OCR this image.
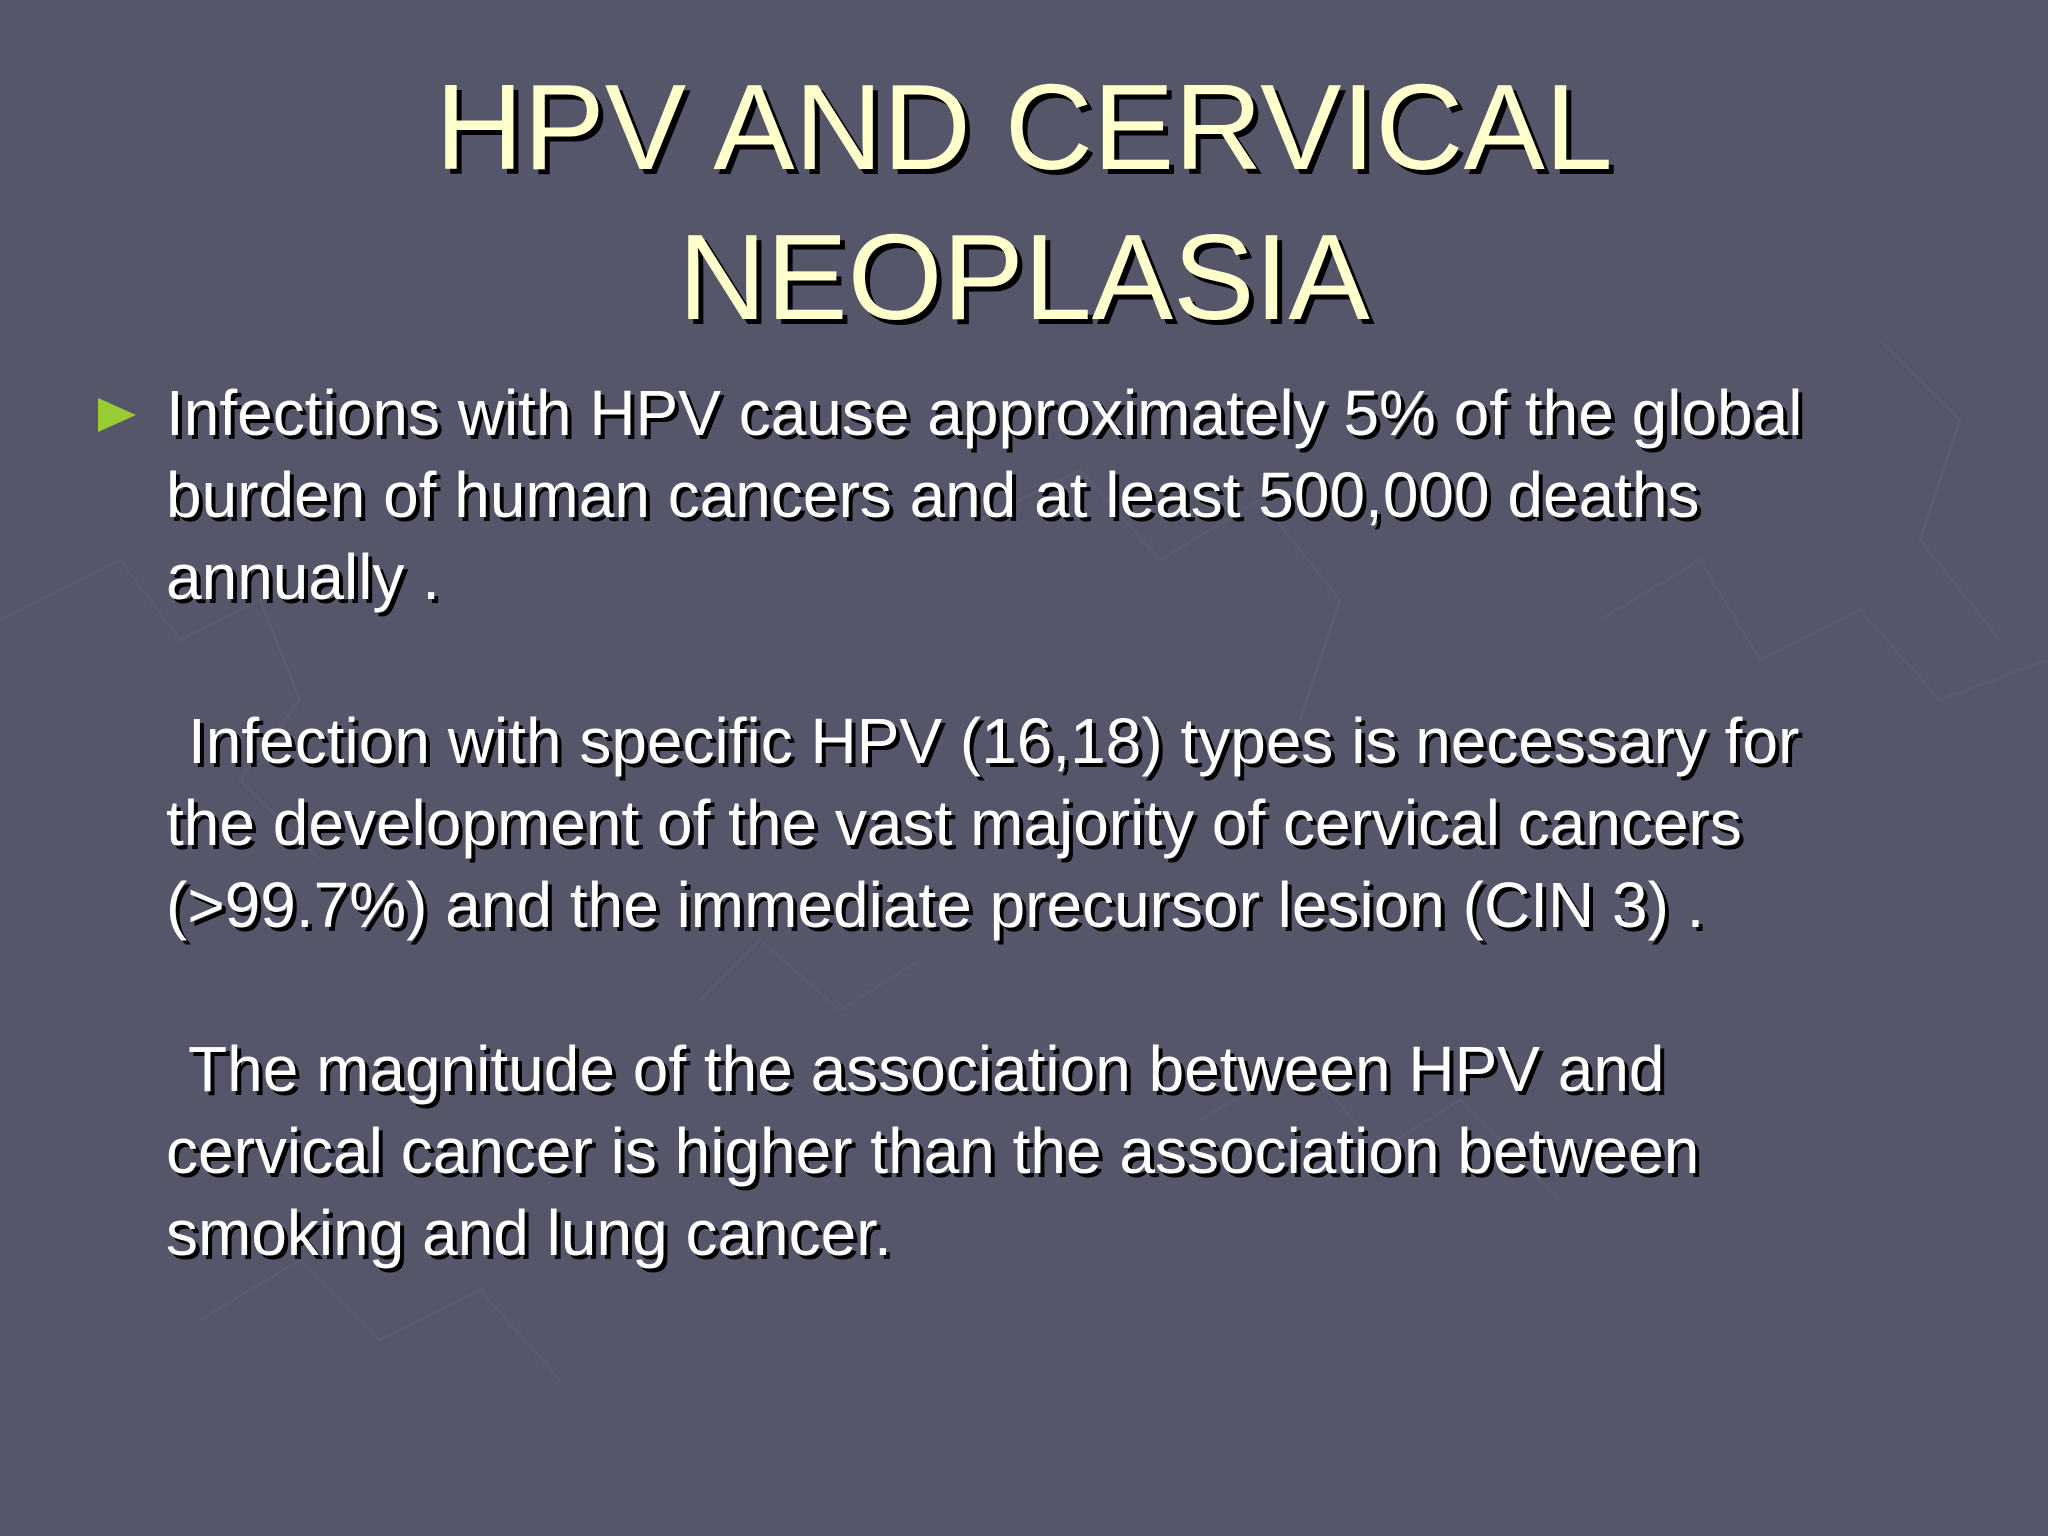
HPV AND CERVICAL
NEOPLASIA

Infections with HPV cause approximately 5% of the global
burden of human cancers and at least 500,000 deaths
annually .

Infection with specific HPV (16,18) types is necessary for
the development of the vast majority of cervical cancers
(>99.7%) and the immediate precursor lesion (CIN 3) .

The magnitude of the association between HPV and
cervical cancer is higher than the association between
smoking and lung cancer.
